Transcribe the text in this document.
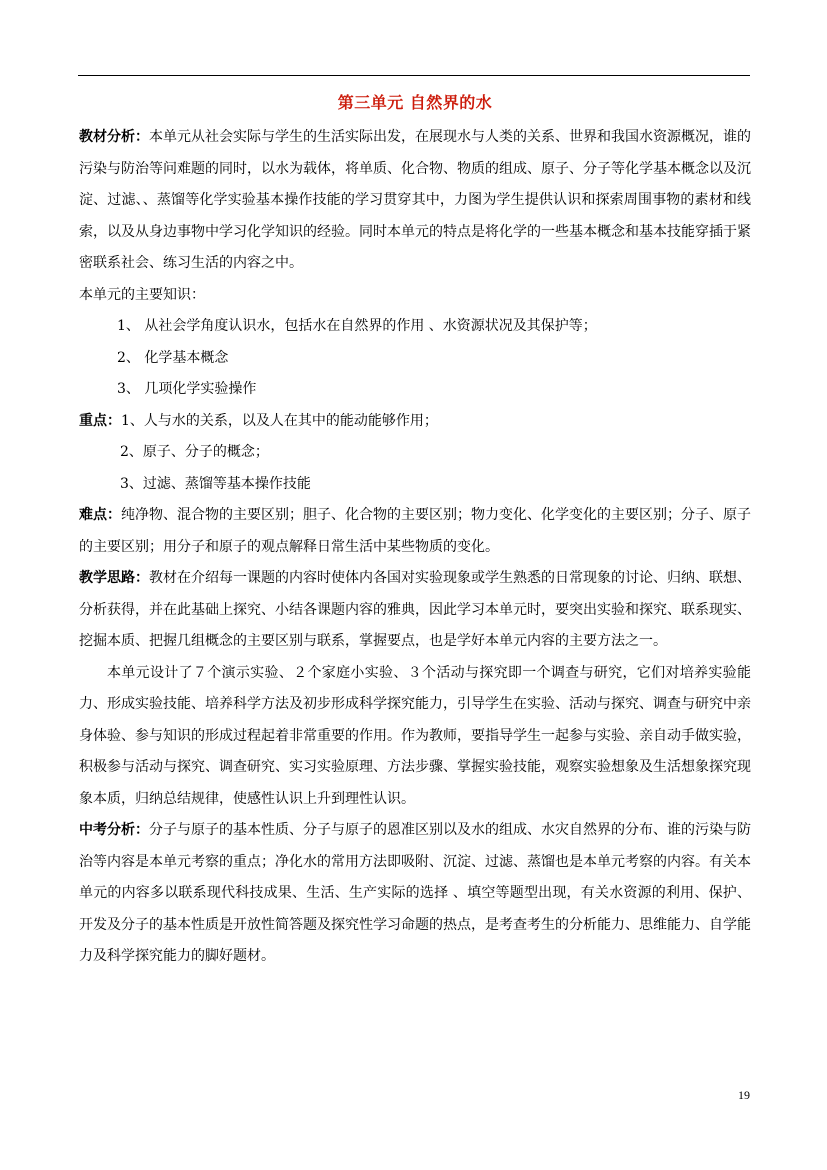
第三单元 自然界的水

教材分析：本单元从社会实际与学生的生活实际出发，在展现水与人类的关系、世界和我国水资源概况，谁的污染与防治等问难题的同时，以水为载体，将单质、化合物、物质的组成、原子、分子等化学基本概念以及沉淀、过滤、、蒸馏等化学实验基本操作技能的学习贯穿其中，力图为学生提供认识和探索周围事物的素材和线索，以及从身边事物中学习化学知识的经验。同时本单元的特点是将化学的一些基本概念和基本技能穿插于紧密联系社会、练习生活的内容之中。

本单元的主要知识：

1、 从社会学角度认识水，包括水在自然界的作用 、水资源状况及其保护等；

2、 化学基本概念

3、 几项化学实验操作

重点：1、人与水的关系，以及人在其中的能动能够作用；

2、原子、分子的概念；

3、过滤、蒸馏等基本操作技能

难点：纯净物、混合物的主要区别；胆子、化合物的主要区别；物力变化、化学变化的主要区别；分子、原子的主要区别；用分子和原子的观点解释日常生活中某些物质的变化。

教学思路：教材在介绍每一课题的内容时使体内各国对实验现象或学生熟悉的日常现象的讨论、归纳、联想、分析获得，并在此基础上探究、小结各课题内容的雅典，因此学习本单元时，要突出实验和探究、联系现实、挖掘本质、把握几组概念的主要区别与联系，掌握要点，也是学好本单元内容的主要方法之一。

本单元设计了７个演示实验、２个家庭小实验、３个活动与探究即一个调查与研究，它们对培养实验能力、形成实验技能、培养科学方法及初步形成科学探究能力，引导学生在实验、活动与探究、调查与研究中亲身体验、参与知识的形成过程起着非常重要的作用。作为教师，要指导学生一起参与实验、亲自动手做实验，积极参与活动与探究、调查研究、实习实验原理、方法步骤、掌握实验技能，观察实验想象及生活想象探究现象本质，归纳总结规律，使感性认识上升到理性认识。

中考分析：分子与原子的基本性质、分子与原子的恩准区别以及水的组成、水灾自然界的分布、谁的污染与防治等内容是本单元考察的重点；净化水的常用方法即吸附、沉淀、过滤、蒸馏也是本单元考察的内容。有关本单元的内容多以联系现代科技成果、生活、生产实际的选择 、填空等题型出现，有关水资源的利用、保护、开发及分子的基本性质是开放性简答题及探究性学习命题的热点，是考查考生的分析能力、思维能力、自学能力及科学探究能力的脚好题材。

19
